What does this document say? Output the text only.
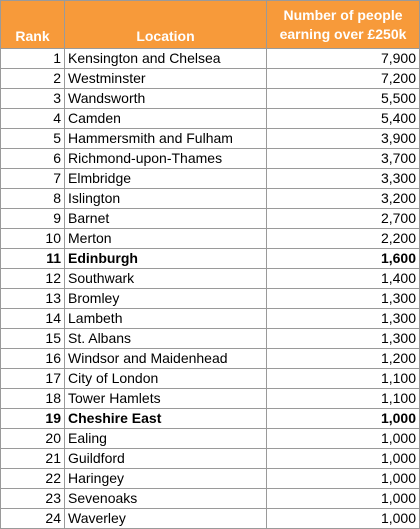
Rank	Location	Number of people
earning over £250k
1	Kensington and Chelsea	7,900
2	Westminster	7,200
3	Wandsworth	5,500
4	Camden	5,400
5	Hammersmith and Fulham	3,900
6	Richmond-upon-Thames	3,700
7	Elmbridge	3,300
8	Islington	3,200
9	Barnet	2,700
10	Merton	2,200
11	Edinburgh	1,600
12	Southwark	1,400
13	Bromley	1,300
14	Lambeth	1,300
15	St. Albans	1,300
16	Windsor and Maidenhead	1,200
17	City of London	1,100
18	Tower Hamlets	1,100
19	Cheshire East	1,000
20	Ealing	1,000
21	Guildford	1,000
22	Haringey	1,000
23	Sevenoaks	1,000
24	Waverley	1,000
